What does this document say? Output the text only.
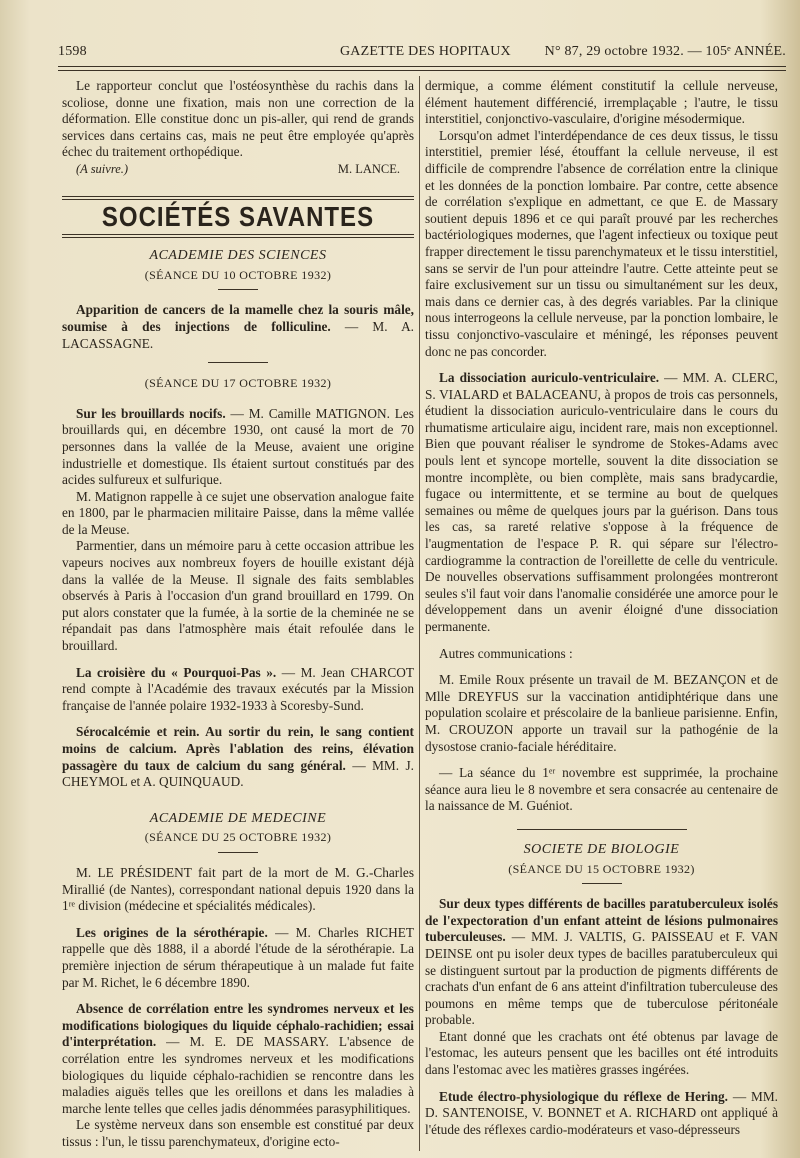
1598	GAZETTE DES HOPITAUX N° 87, 29 octobre 1932. — 105ᵉ ANNÉE.

Le rapporteur conclut que l'ostéosynthèse du rachis dans la scoliose, donne une fixation, mais non une correction de la déformation. Elle constitue donc un pis-aller, qui rend de grands services dans certains cas, mais ne peut être employée qu'après échec du traitement orthopédique.

(A suivre.)	M. LANCE.
SOCIÉTÉS SAVANTES
ACADEMIE DES SCIENCES
(SÉANCE DU 10 OCTOBRE 1932)

Apparition de cancers de la mamelle chez la souris mâle, soumise à des injections de folliculine. — M. A. LACASSAGNE.

(SÉANCE DU 17 OCTOBRE 1932)

Sur les brouillards nocifs. — M. Camille MATIGNON. Les brouillards qui, en décembre 1930, ont causé la mort de 70 personnes dans la vallée de la Meuse, avaient une origine industrielle et domestique. Ils étaient surtout constitués par des acides sulfureux et sulfurique.

M. Matignon rappelle à ce sujet une observation analogue faite en 1800, par le pharmacien militaire Paisse, dans la même vallée de la Meuse.

Parmentier, dans un mémoire paru à cette occasion attribue les vapeurs nocives aux nombreux foyers de houille existant déjà dans la vallée de la Meuse. Il signale des faits semblables observés à Paris à l'occasion d'un grand brouillard en 1799. On put alors constater que la fumée, à la sortie de la cheminée ne se répandait pas dans l'atmosphère mais était refoulée dans le brouillard.

La croisière du « Pourquoi-Pas ». — M. Jean CHARCOT rend compte à l'Académie des travaux exécutés par la Mission française de l'année polaire 1932-1933 à Scoresby-Sund.

Sérocalcémie et rein. Au sortir du rein, le sang contient moins de calcium. Après l'ablation des reins, élévation passagère du taux de calcium du sang général. — MM. J. CHEYMOL et A. QUINQUAUD.

ACADEMIE DE MEDECINE
(SÉANCE DU 25 OCTOBRE 1932)

M. LE PRÉSIDENT fait part de la mort de M. G.-Charles Mirallié (de Nantes), correspondant national depuis 1920 dans la 1ʳᵉ division (médecine et spécialités médicales).

Les origines de la sérothérapie. — M. Charles RICHET rappelle que dès 1888, il a abordé l'étude de la sérothérapie. La première injection de sérum thérapeutique à un malade fut faite par M. Richet, le 6 décembre 1890.

Absence de corrélation entre les syndromes nerveux et les modifications biologiques du liquide céphalo-rachidien; essai d'interprétation. — M. E. DE MASSARY. L'absence de corrélation entre les syndromes nerveux et les modifications biologiques du liquide céphalo-rachidien se rencontre dans les maladies aiguës telles que les oreillons et dans les maladies à marche lente telles que celles jadis dénommées parasyphilitiques.

Le système nerveux dans son ensemble est constitué par deux tissus : l'un, le tissu parenchymateux, d'origine ecto-

dermique, a comme élément constitutif la cellule nerveuse, élément hautement différencié, irremplaçable ; l'autre, le tissu interstitiel, conjonctivo-vasculaire, d'origine mésodermique.

Lorsqu'on admet l'interdépendance de ces deux tissus, le tissu interstitiel, premier lésé, étouffant la cellule nerveuse, il est difficile de comprendre l'absence de corrélation entre la clinique et les données de la ponction lombaire. Par contre, cette absence de corrélation s'explique en admettant, ce que E. de Massary soutient depuis 1896 et ce qui paraît prouvé par les recherches bactériologiques modernes, que l'agent infectieux ou toxique peut frapper directement le tissu parenchymateux et le tissu interstitiel, sans se servir de l'un pour atteindre l'autre. Cette atteinte peut se faire exclusivement sur un tissu ou simultanément sur les deux, mais dans ce dernier cas, à des degrés variables. Par la clinique nous interrogeons la cellule nerveuse, par la ponction lombaire, le tissu conjonctivo-vasculaire et méningé, les réponses peuvent donc ne pas concorder.

La dissociation auriculo-ventriculaire. — MM. A. CLERC, S. VIALARD et BALACEANU, à propos de trois cas personnels, étudient la dissociation auriculo-ventriculaire dans le cours du rhumatisme articulaire aigu, incident rare, mais non exceptionnel. Bien que pouvant réaliser le syndrome de Stokes-Adams avec pouls lent et syncope mortelle, souvent la dite dissociation se montre incomplète, ou bien complète, mais sans bradycardie, fugace ou intermittente, et se termine au bout de quelques semaines ou même de quelques jours par la guérison. Dans tous les cas, sa rareté relative s'oppose à la fréquence de l'augmentation de l'espace P. R. qui sépare sur l'électro-cardiogramme la contraction de l'oreillette de celle du ventricule. De nouvelles observations suffisamment prolongées montreront seules s'il faut voir dans l'anomalie considérée une amorce pour le développement dans un avenir éloigné d'une dissociation permanente.

Autres communications :

M. Emile Roux présente un travail de M. BEZANÇON et de Mlle DREYFUS sur la vaccination antidiphtérique dans une population scolaire et préscolaire de la banlieue parisienne. Enfin, M. CROUZON apporte un travail sur la pathogénie de la dysostose cranio-faciale héréditaire.

— La séance du 1ᵉʳ novembre est supprimée, la prochaine séance aura lieu le 8 novembre et sera consacrée au centenaire de la naissance de M. Guéniot.

SOCIETE DE BIOLOGIE
(SÉANCE DU 15 OCTOBRE 1932)

Sur deux types différents de bacilles paratuberculeux isolés de l'expectoration d'un enfant atteint de lésions pulmonaires tuberculeuses. — MM. J. VALTIS, G. PAISSEAU et F. VAN DEINSE ont pu isoler deux types de bacilles paratuberculeux qui se distinguent surtout par la production de pigments différents de crachats d'un enfant de 6 ans atteint d'infiltration tuberculeuse des poumons en même temps que de tuberculose péritonéale probable.

Etant donné que les crachats ont été obtenus par lavage de l'estomac, les auteurs pensent que les bacilles ont été introduits dans l'estomac avec les matières grasses ingérées.

Etude électro-physiologique du réflexe de Hering. — MM. D. SANTENOISE, V. BONNET et A. RICHARD ont appliqué à l'étude des réflexes cardio-modérateurs et vaso-dépresseurs
